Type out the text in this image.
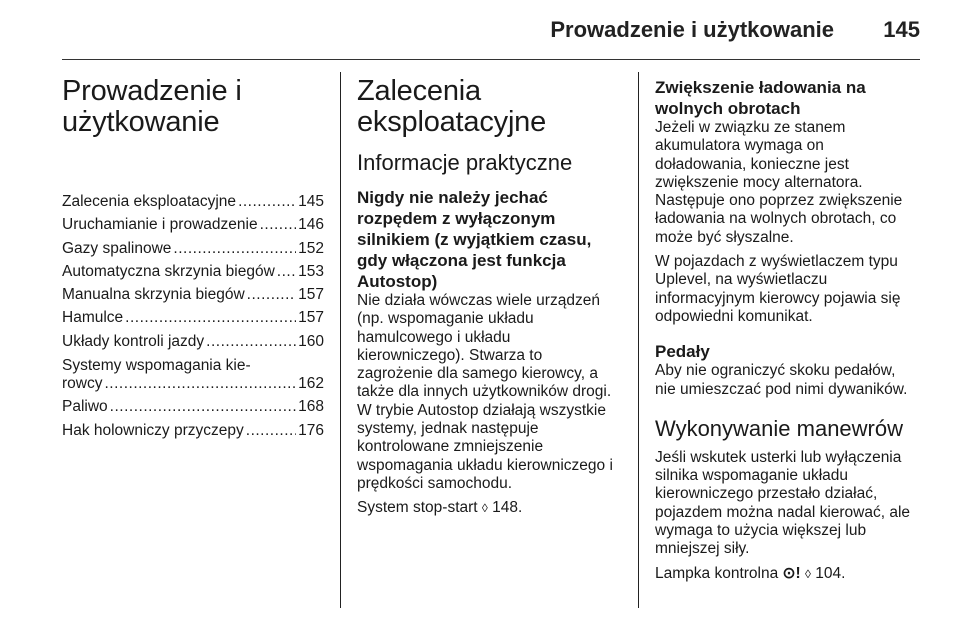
Prowadzenie i użytkowanie 145
Prowadzenie i
użytkowanie
Zalecenia eksploatacyjne .....	145
Uruchamianie i prowadzenie .....	146
Gazy spalinowe .....	152
Automatyczna skrzynia biegów ..... 153
Manualna skrzynia biegów .....	157
Hamulce .....	157
Układy kontroli jazdy .....	160
Systemy wspomagania kie-
rowcy .....	162
Paliwo .....	168
Hak holowniczy przyczepy .....	176
Zalecenia
eksploatacyjne
Informacje praktyczne
Nigdy nie należy jechać
rozpędem z wyłączonym
silnikiem (z wyjątkiem czasu,
gdy włączona jest funkcja
Autostop)
Nie działa wówczas wiele urządzeń
(np. wspomaganie układu
hamulcowego i układu
kierowniczego). Stwarza to
zagrożenie dla samego kierowcy, a
także dla innych użytkowników drogi.
W trybie Autostop działają wszystkie
systemy, jednak następuje
kontrolowane zmniejszenie
wspomagania układu kierowniczego i
prędkości samochodu.
System stop-start ◊ 148.
Zwiększenie ładowania na
wolnych obrotach
Jeżeli w związku ze stanem
akumulatora wymaga on
doładowania, konieczne jest
zwiększenie mocy alternatora.
Następuje ono poprzez zwiększenie
ładowania na wolnych obrotach, co
może być słyszalne.
W pojazdach z wyświetlaczem typu
Uplevel, na wyświetlaczu
informacyjnym kierowcy pojawia się
odpowiedni komunikat.
Pedały
Aby nie ograniczyć skoku pedałów,
nie umieszczać pod nimi dywaników.
Wykonywanie manewrów
Jeśli wskutek usterki lub wyłączenia
silnika wspomaganie układu
kierowniczego przestało działać,
pojazdem można nadal kierować, ale
wymaga to użycia większej lub
mniejszej siły.
Lampka kontrolna ⊙! ◊ 104.
